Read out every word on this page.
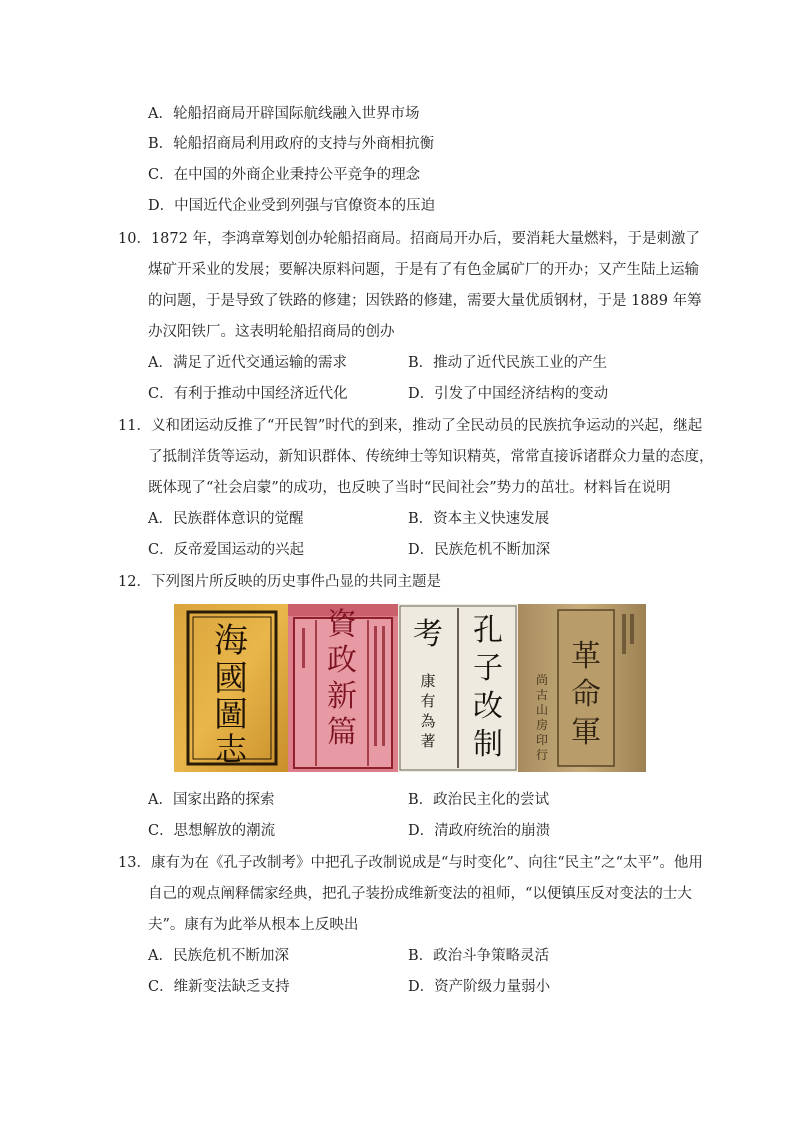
A．轮船招商局开辟国际航线融入世界市场
B．轮船招商局利用政府的支持与外商相抗衡
C．在中国的外商企业秉持公平竞争的理念
D．中国近代企业受到列强与官僚资本的压迫
10．1872 年，李鸿章筹划创办轮船招商局。招商局开办后，要消耗大量燃料，于是刺激了
煤矿开采业的发展；要解决原料问题，于是有了有色金属矿厂的开办；又产生陆上运输
的问题，于是导致了铁路的修建；因铁路的修建，需要大量优质钢材，于是 1889 年筹
办汉阳铁厂。这表明轮船招商局的创办
A．满足了近代交通运输的需求	B．推动了近代民族工业的产生
C．有利于推动中国经济近代化	D．引发了中国经济结构的变动
11．义和团运动反推了“开民智”时代的到来，推动了全民动员的民族抗争运动的兴起，继起
了抵制洋货等运动，新知识群体、传统绅士等知识精英，常常直接诉诸群众力量的态度，
既体现了“社会启蒙”的成功，也反映了当时“民间社会”势力的茁壮。材料旨在说明
A．民族群体意识的觉醒	B．资本主义快速发展
C．反帝爱国运动的兴起	D．民族危机不断加深
12．下列图片所反映的历史事件凸显的共同主题是
海
國
圖
志
資
政
新
篇
孔
子
改
制
考
康
有
為
著
革
命
軍
尚
古
山
房
印
行
A．国家出路的探索	B．政治民主化的尝试
C．思想解放的潮流	D．清政府统治的崩溃
13．康有为在《孔子改制考》中把孔子改制说成是“与时变化”、向往“民主”之“太平”。他用
自己的观点阐释儒家经典，把孔子装扮成维新变法的祖师，“以便镇压反对变法的士大
夫”。康有为此举从根本上反映出
A．民族危机不断加深	B．政治斗争策略灵活
C．维新变法缺乏支持	D．资产阶级力量弱小
